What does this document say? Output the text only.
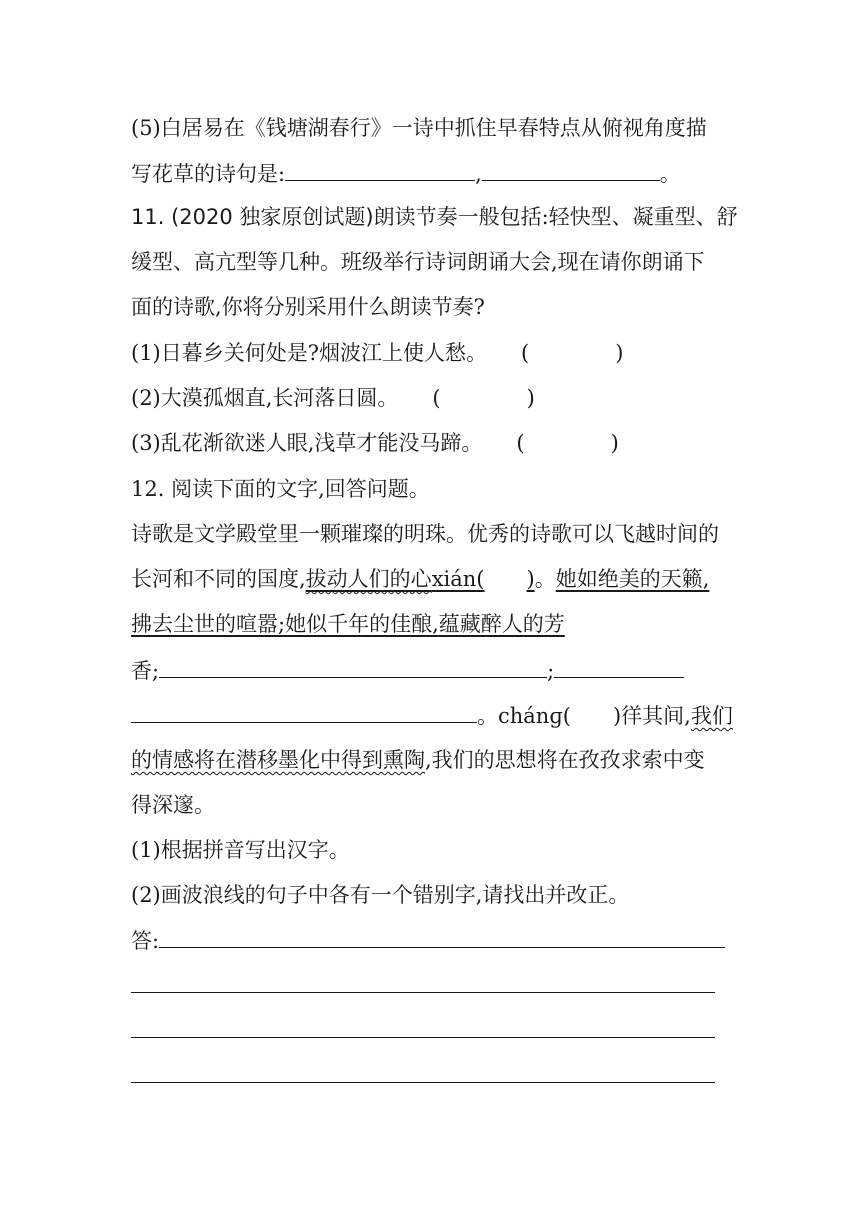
(5)白居易在《钱塘湖春行》一诗中抓住早春特点从俯视角度描
写花草的诗句是:	,	。
11. (2020 独家原创试题)朗读节奏一般包括:轻快型、凝重型、舒
缓型、高亢型等几种。班级举行诗词朗诵大会,现在请你朗诵下
面的诗歌,你将分别采用什么朗读节奏?
(1)日暮乡关何处是?烟波江上使人愁。 (	)
(2)大漠孤烟直,长河落日圆。 (	)
(3)乱花渐欲迷人眼,浅草才能没马蹄。 (	)
12. 阅读下面的文字,回答问题。
诗歌是文学殿堂里一颗璀璨的明珠。优秀的诗歌可以飞越时间的
长河和不同的国度,拔动人们的心xián( )。她如绝美的天籁,
拂去尘世的喧嚣;她似千年的佳酿,蕴藏醉人的芳
香;	;
。chánɡ( )徉其间,我们
的情感将在潜移墨化中得到熏陶,我们的思想将在孜孜求索中变
得深邃。
(1)根据拼音写出汉字。
(2)画波浪线的句子中各有一个错别字,请找出并改正。
答:
